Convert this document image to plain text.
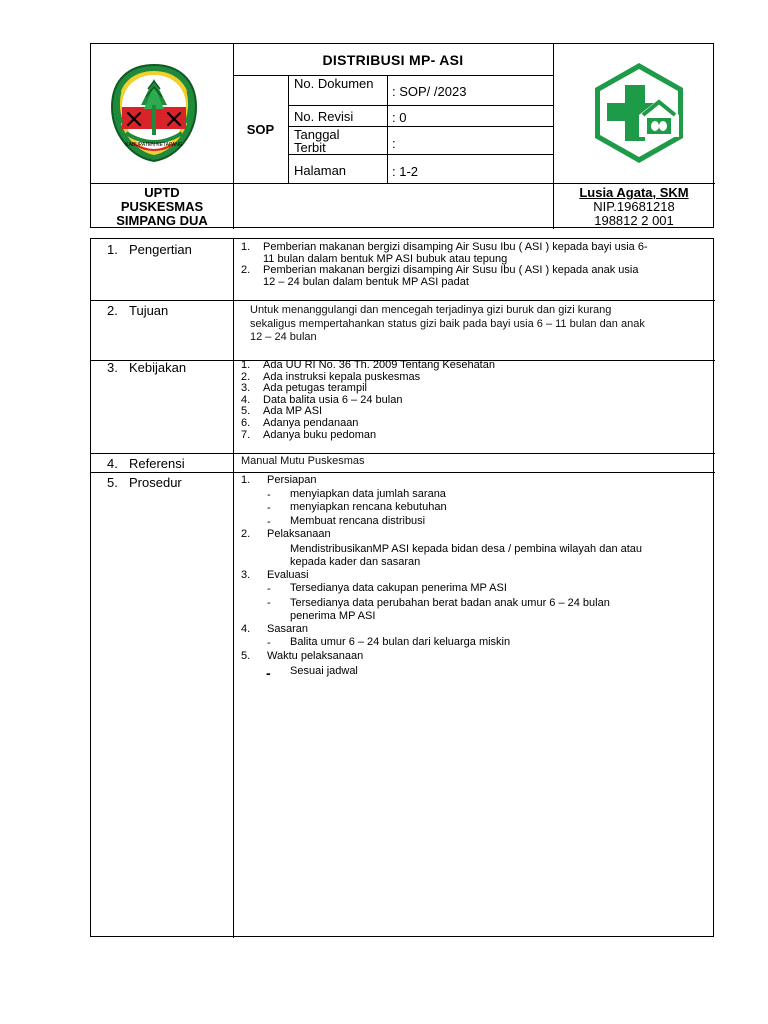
KABUPATEN KETAPANG
DISTRIBUSI MP- ASI
SOP
No. Dokumen
: SOP/ /2023
No. Revisi	: 0
Tanggal Terbit	:
Halaman	: 1-2
UPTD
PUSKESMAS
SIMPANG DUA
Lusia Agata, SKM
NIP.19681218
198812 2 001
1. Pengertian	1. Pemberian makanan bergizi disamping Air Susu Ibu ( ASI ) kepada bayi usia 6-
11 bulan dalam bentuk MP ASI bubuk atau tepung
2. Pemberian makanan bergizi disamping Air Susu Ibu ( ASI ) kepada anak usia
12 – 24 bulan dalam bentuk MP ASI padat
2. Tujuan	Untuk menanggulangi dan mencegah terjadinya gizi buruk dan gizi kurang
sekaligus mempertahankan status gizi baik pada bayi usia 6 – 11 bulan dan anak
12 – 24 bulan
3. Kebijakan	1. Ada UU RI No. 36 Th. 2009 Tentang Kesehatan
2. Ada instruksi kepala puskesmas
3. Ada petugas terampil
4. Data balita usia 6 – 24 bulan
5. Ada MP ASI
6. Adanya pendanaan
7. Adanya buku pedoman
4. Referensi	Manual Mutu Puskesmas
5. Prosedur	1. Persiapan
- menyiapkan data jumlah sarana
- menyiapkan rencana kebutuhan
- Membuat rencana distribusi
2. Pelaksanaan
MendistribusikanMP ASI kepada bidan desa / pembina wilayah dan atau
kepada kader dan sasaran
3. Evaluasi
- Tersedianya data cakupan penerima MP ASI
- Tersedianya data perubahan berat badan anak umur 6 – 24 bulan
penerima MP ASI
4. Sasaran
- Balita umur 6 – 24 bulan dari keluarga miskin
5. Waktu pelaksanaan
- Sesuai jadwal
